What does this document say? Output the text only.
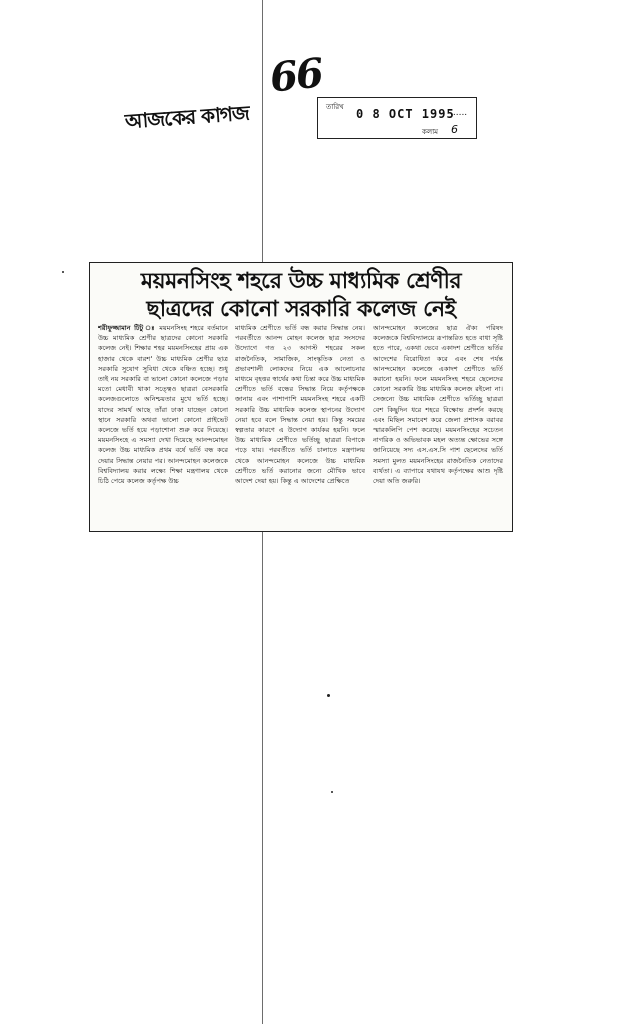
66
আজকের কাগজ	তারিখ 0 8 OCT 1995
......
কলাম 6
ময়মনসিংহ শহরে উচ্চ মাধ্যমিক শ্রেণীর
ছাত্রদের কোনো সরকারি কলেজ নেই
শরীফুজ্জামান টিটু ঃ ময়মনসিংহ শহরে বর্তমানে উচ্চ মাধ্যমিক শ্রেণীর ছাত্রদের কোনো সরকারি কলেজ নেই। শিক্ষার শহর ময়মনসিংহের প্রায় এক হাজার থেকে বারশ' উচ্চ মাধ্যমিক শ্রেণীর ছাত্র সরকারি সুযোগ সুবিধা থেকে বঞ্চিত হচ্ছে। শুধু তাই নয় সরকারি বা ভালো কোনো কলেজে পড়ার মতো মেধাবী থাকা সত্ত্বেও ছাত্ররা বেসরকারি কলেজগুলোতে অনিশ্চয়তার মুখে ভর্তি হচ্ছে। যাদের সামর্থ আছে তাঁরা ঢাকা যাচ্ছেন কোনো স্থানে সরকারি অথবা ভালো কোনো প্রাইভেট কলেজে ভর্তি হয়ে পড়াশোনা শুরু করে দিয়েছে। ময়মনসিংহে এ সমস্যা দেখা দিয়েছে আনন্দমোহন কলেজ উচ্চ মাধ্যমিক প্রথম বর্ষে ভর্তি বন্ধ করে দেয়ার সিদ্ধান্ত নেয়ার পর। আনন্দমোহন কলেজকে বিশ্ববিদ্যালয় করার লক্ষ্যে শিক্ষা মন্ত্রণালয় থেকে চিঠি পেয়ে কলেজ কর্তৃপক্ষ উচ্চ
মাধ্যমিক শ্রেণীতে ভর্তি বন্ধ করার সিদ্ধান্ত নেয়। পরবর্তীতে আনন্দ মোহন কলেজ ছাত্র সংসদের উদ্যোগে গত ২৩ আগস্ট শহরের সকল রাজনৈতিক, সামাজিক, সাংস্কৃতিক নেতা ও প্রভাবশালী লোকদের নিয়ে এক আলোচনার মাধ্যমে বৃহত্তর স্বার্থের কথা চিন্তা করে উচ্চ মাধ্যমিক শ্রেণীতে ভর্তি বন্ধের সিদ্ধান্ত নিয়ে কর্তৃপক্ষকে জানায় এবং পাশাপাশি ময়মনসিংহ শহরে একটি সরকারি উচ্চ মাধ্যমিক কলেজ স্থাপনের উদ্যোগ নেয়া হবে বলে সিদ্ধান্ত নেয়া হয়। কিন্তু সময়ের স্বল্পতার কারণে এ উদ্যোগ কার্যকর হয়নি। ফলে উচ্চ মাধ্যমিক শ্রেণীতে ভর্তিচ্ছু ছাত্ররা বিপাকে পড়ে যায়। পরবর্তীতে ভর্তি চালাতে মন্ত্রণালয় থেকে আনন্দমোহন কলেজে উচ্চ মাধ্যমিক শ্রেণীতে ভর্তি করানোর জন্যে মৌখিক ভাবে আদেশ দেয়া হয়। কিন্তু এ আদেশের প্রেক্ষিতে
আনন্দমোহন কলেজের ছাত্র ঐক্য পরিষদ কলেজকে বিশ্ববিদ্যালয়ে রূপান্তরিত হতে বাধা সৃষ্টি হতে পারে, একথা ভেবে একাদশ শ্রেণীতে ভর্তির আদেশের বিরোধিতা করে এবং শেষ পর্যন্ত আনন্দমোহন কলেজে একাদশ শ্রেণীতে ভর্তি করানো হয়নি। ফলে ময়মনসিংহ শহরে ছেলেদের কোনো সরকারি উচ্চ মাধ্যমিক কলেজ রইলো না। সেজন্যে উচ্চ মাধ্যমিক শ্রেণীতে ভর্তিচ্ছু ছাত্ররা বেশ কিছুদিন ধরে শহরে বিক্ষোভ প্রদর্শন করছে এবং মিছিল সমাবেশ করে জেলা প্রশাসক বরাবর স্মারকলিপি পেশ করেছে। ময়মনসিংহের সচেতন নাগরিক ও অভিভাবক মহল অত্যন্ত ক্ষোভের সঙ্গে জানিয়েছে সদ্য এস.এস.সি পাশ ছেলেদের ভর্তি সমস্যা মুলত ময়মনসিংহের রাজনৈতিক নেতাদের ব্যর্থতা। এ ব্যাপারে যথাযথ কর্তৃপক্ষের আশু দৃষ্টি দেয়া অতি জরুরি।
